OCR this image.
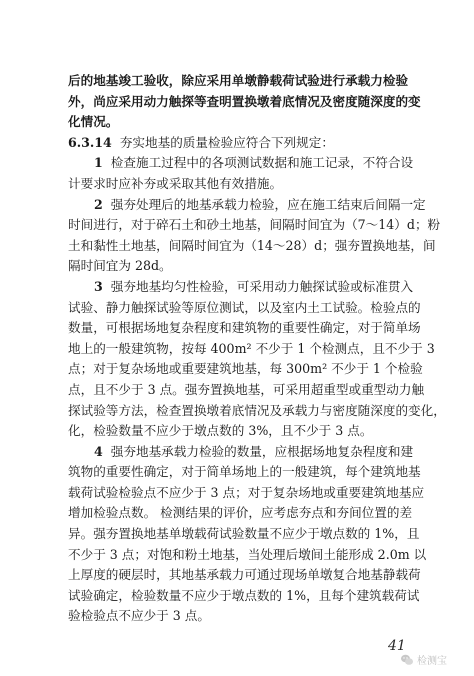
后的地基竣工验收，除应采用单墩静载荷试验进行承载力检验
外，尚应采用动力触探等查明置换墩着底情况及密度随深度的变
化情况。
6.3.14 夯实地基的质量检验应符合下列规定：
1 检查施工过程中的各项测试数据和施工记录，不符合设
计要求时应补夯或采取其他有效措施。
2 强夯处理后的地基承载力检验，应在施工结束后间隔一定
时间进行，对于碎石土和砂土地基，间隔时间宜为（7～14）d；粉
土和黏性土地基，间隔时间宜为（14～28）d；强夯置换地基，间
隔时间宜为 28d。
3 强夯地基均匀性检验，可采用动力触探试验或标准贯入
试验、静力触探试验等原位测试，以及室内土工试验。检验点的
数量，可根据场地复杂程度和建筑物的重要性确定，对于简单场
地上的一般建筑物，按每 400m² 不少于 1 个检测点，且不少于 3
点；对于复杂场地或重要建筑地基，每 300m² 不少于 1 个检验
点，且不少于 3 点。强夯置换地基，可采用超重型或重型动力触
探试验等方法，检查置换墩着底情况及承载力与密度随深度的变化，
化，检验数量不应少于墩点数的 3%，且不少于 3 点。
4 强夯地基承载力检验的数量，应根据场地复杂程度和建
筑物的重要性确定，对于简单场地上的一般建筑，每个建筑地基
载荷试验检验点不应少于 3 点；对于复杂场地或重要建筑地基应
增加检验点数。 检测结果的评价，应考虑夯点和夯间位置的差
异。强夯置换地基单墩载荷试验数量不应少于墩点数的 1%，且
不少于 3 点；对饱和粉土地基，当处理后墩间土能形成 2.0m 以
上厚度的硬层时，其地基承载力可通过现场单墩复合地基静载荷
试验确定，检验数量不应少于墩点数的 1%，且每个建筑载荷试
验检验点不应少于 3 点。
41
检测宝
